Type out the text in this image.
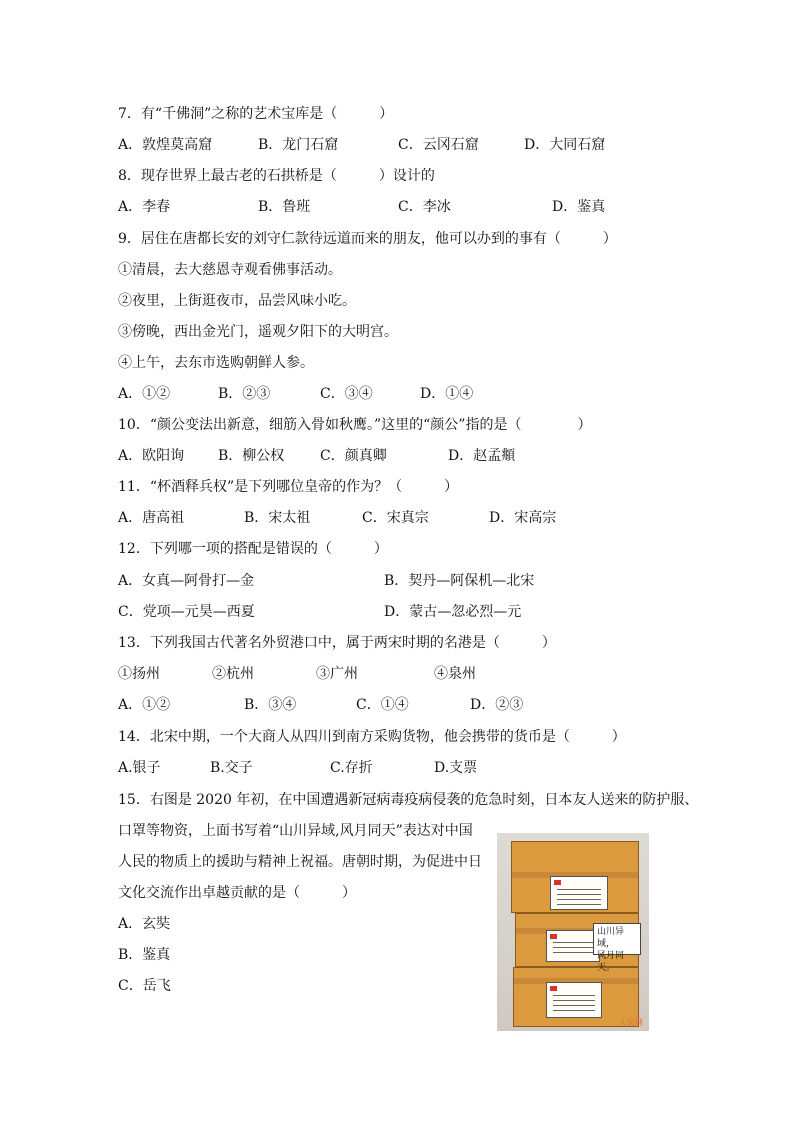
7．有“千佛洞”之称的艺术宝库是（　　　）
A．敦煌莫高窟	B．龙门石窟	C．云冈石窟	D．大同石窟
8．现存世界上最古老的石拱桥是（　　　）设计的
A．李春	B．鲁班	C．李冰	D．鉴真
9．居住在唐都长安的刘守仁款待远道而来的朋友，他可以办到的事有（　　　）
①清晨，去大慈恩寺观看佛事活动。
②夜里，上街逛夜市，品尝风味小吃。
③傍晚，西出金光门，遥观夕阳下的大明宫。
④上午，去东市选购朝鲜人参。
A．①②	B．②③	C．③④	D．①④
10．“颜公变法出新意，细筋入骨如秋鹰。”这里的“颜公”指的是（　　　　）
A．欧阳询 B．柳公权	C．颜真卿	D．赵孟頫
11．“杯酒释兵权”是下列哪位皇帝的作为？（　　　）
A．唐高祖	B．宋太祖	C．宋真宗	D．宋高宗
12．下列哪一项的搭配是错误的（　　　）
A．女真—阿骨打—金	B．契丹—阿保机—北宋
C．党项—元昊—西夏	D．蒙古—忽必烈—元
13．下列我国古代著名外贸港口中，属于两宋时期的名港是（　　　）
①扬州	②杭州	③广州	④泉州
A．①②	B．③④	C．①④	D．②③
14．北宋中期，一个大商人从四川到南方采购货物，他会携带的货币是（　　　）
A.银子	B.交子	C.存折	D.支票
15．右图是 2020 年初，在中国遭遇新冠病毒疫病侵袭的危急时刻，日本友人送来的防护服、
口罩等物资，上面书写着“山川异域,风月同天”表达对中国
人民的物质上的援助与精神上祝福。唐朝时期，为促进中日
文化交流作出卓越贡献的是（　　　）
A．玄奘
B．鉴真
C．岳飞
山川异域，
风月同天。
人民网
